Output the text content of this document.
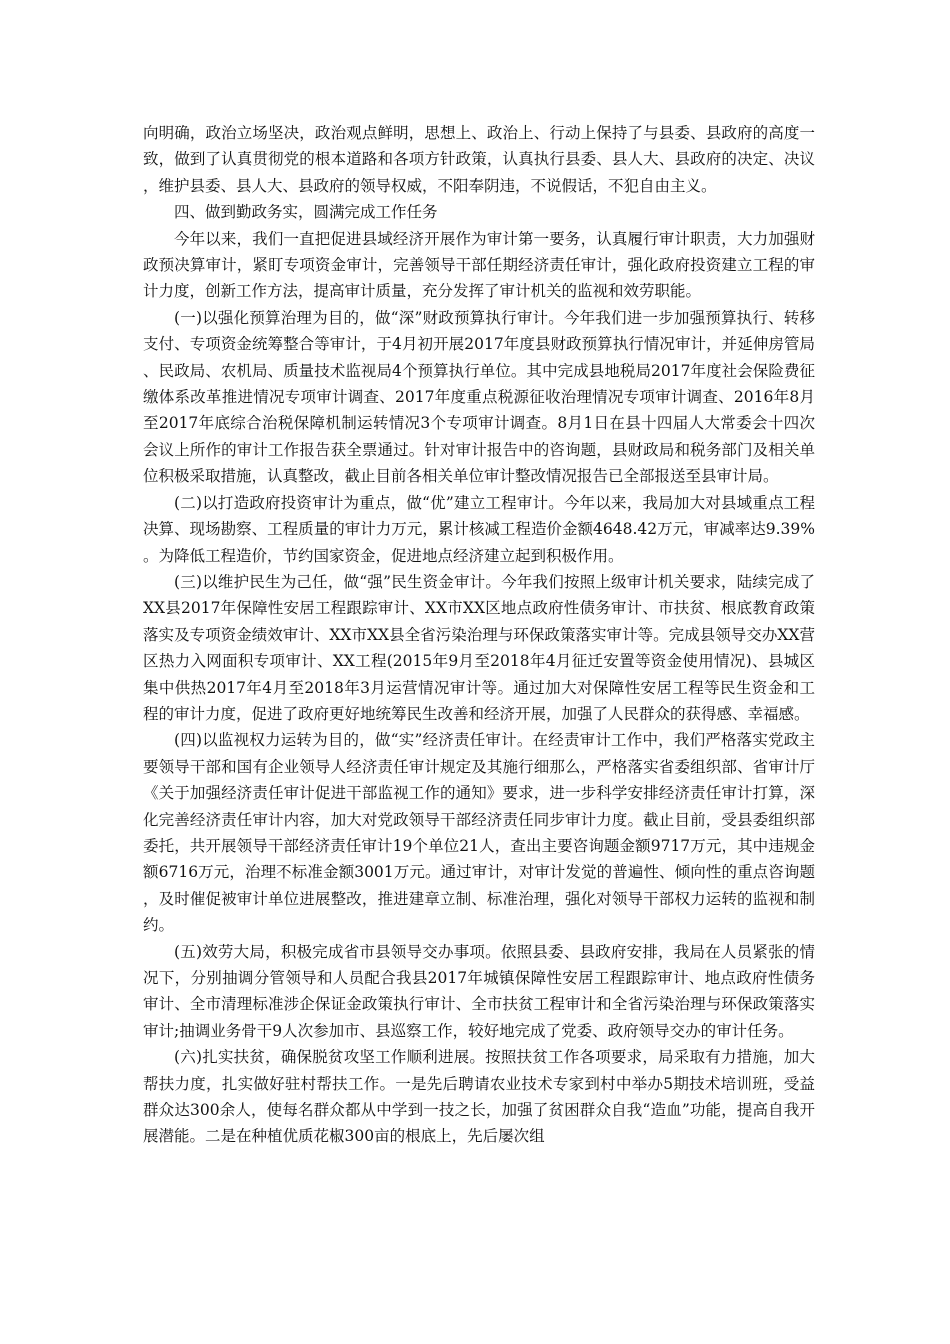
向明确，政治立场坚决，政治观点鲜明，思想上、政治上、行动上保持了与县委、县政府的高度一致，做到了认真贯彻党的根本道路和各项方针政策，认真执行县委、县人大、县政府的决定、决议，维护县委、县人大、县政府的领导权威，不阳奉阴违，不说假话，不犯自由主义。

四、做到勤政务实，圆满完成工作任务

今年以来，我们一直把促进县域经济开展作为审计第一要务，认真履行审计职责，大力加强财政预决算审计，紧盯专项资金审计，完善领导干部任期经济责任审计，强化政府投资建立工程的审计力度，创新工作方法，提高审计质量，充分发挥了审计机关的监视和效劳职能。

(一)以强化预算治理为目的，做“深”财政预算执行审计。今年我们进一步加强预算执行、转移支付、专项资金统筹整合等审计，于4月初开展2017年度县财政预算执行情况审计，并延伸房管局、民政局、农机局、质量技术监视局4个预算执行单位。其中完成县地税局2017年度社会保险费征缴体系改革推进情况专项审计调查、2017年度重点税源征收治理情况专项审计调查、2016年8月至2017年底综合治税保障机制运转情况3个专项审计调查。8月1日在县十四届人大常委会十四次会议上所作的审计工作报告获全票通过。针对审计报告中的咨询题，县财政局和税务部门及相关单位积极采取措施，认真整改，截止目前各相关单位审计整改情况报告已全部报送至县审计局。

(二)以打造政府投资审计为重点，做“优”建立工程审计。今年以来，我局加大对县域重点工程决算、现场勘察、工程质量的审计力万元，累计核减工程造价金额4648.42万元，审减率达9.39%。为降低工程造价，节约国家资金，促进地点经济建立起到积极作用。

(三)以维护民生为己任，做“强”民生资金审计。今年我们按照上级审计机关要求，陆续完成了XX县2017年保障性安居工程跟踪审计、XX市XX区地点政府性债务审计、市扶贫、根底教育政策落实及专项资金绩效审计、XX市XX县全省污染治理与环保政策落实审计等。完成县领导交办XX营区热力入网面积专项审计、XX工程(2015年9月至2018年4月征迁安置等资金使用情况)、县城区集中供热2017年4月至2018年3月运营情况审计等。通过加大对保障性安居工程等民生资金和工程的审计力度，促进了政府更好地统筹民生改善和经济开展，加强了人民群众的获得感、幸福感。

(四)以监视权力运转为目的，做“实”经济责任审计。在经责审计工作中，我们严格落实党政主要领导干部和国有企业领导人经济责任审计规定及其施行细那么，严格落实省委组织部、省审计厅《关于加强经济责任审计促进干部监视工作的通知》要求，进一步科学安排经济责任审计打算，深化完善经济责任审计内容，加大对党政领导干部经济责任同步审计力度。截止目前，受县委组织部委托，共开展领导干部经济责任审计19个单位21人，查出主要咨询题金额9717万元，其中违规金额6716万元，治理不标准金额3001万元。通过审计，对审计发觉的普遍性、倾向性的重点咨询题，及时催促被审计单位进展整改，推进建章立制、标准治理，强化对领导干部权力运转的监视和制约。

(五)效劳大局，积极完成省市县领导交办事项。依照县委、县政府安排，我局在人员紧张的情况下，分别抽调分管领导和人员配合我县2017年城镇保障性安居工程跟踪审计、地点政府性债务审计、全市清理标准涉企保证金政策执行审计、全市扶贫工程审计和全省污染治理与环保政策落实审计;抽调业务骨干9人次参加市、县巡察工作，较好地完成了党委、政府领导交办的审计任务。

(六)扎实扶贫，确保脱贫攻坚工作顺利进展。按照扶贫工作各项要求，局采取有力措施，加大帮扶力度，扎实做好驻村帮扶工作。一是先后聘请农业技术专家到村中举办5期技术培训班，受益群众达300余人，使每名群众都从中学到一技之长，加强了贫困群众自我“造血”功能，提高自我开展潜能。二是在种植优质花椒300亩的根底上，先后屡次组
